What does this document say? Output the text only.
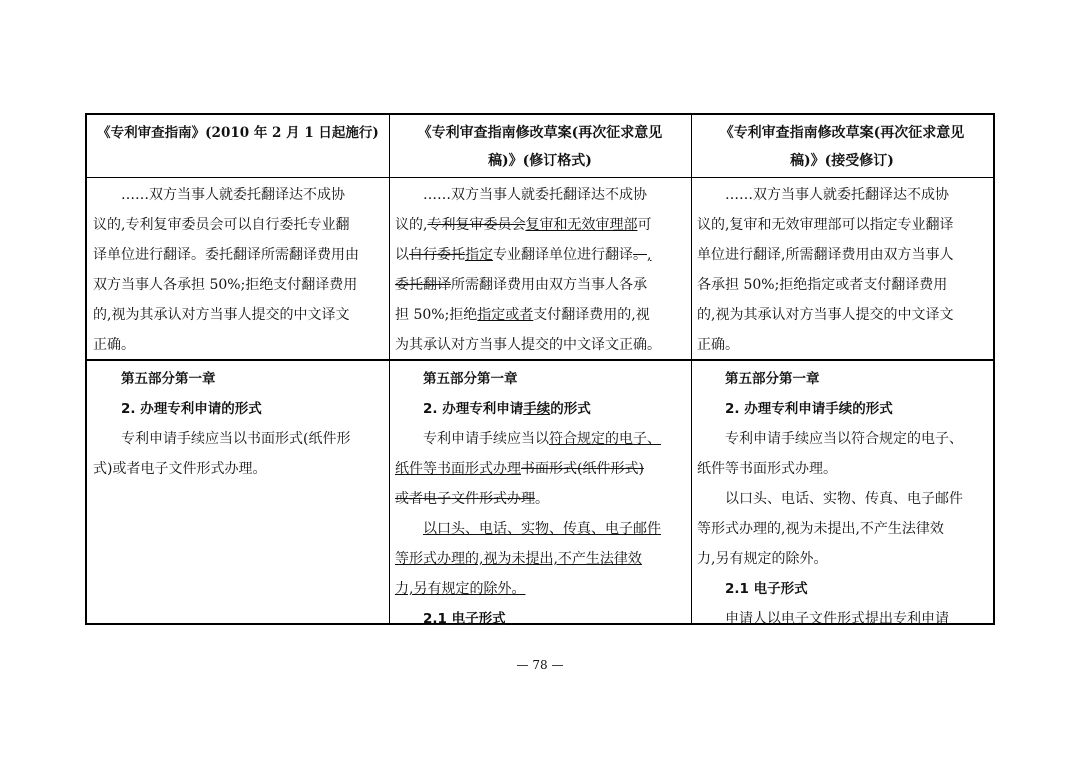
《专利审查指南》(2010 年 2 月 1 日起施行)
……双方当事人就委托翻译达不成协
议的,专利复审委员会可以自行委托专业翻
译单位进行翻译。委托翻译所需翻译费用由
双方当事人各承担 50%;拒绝支付翻译费用
的,视为其承认对方当事人提交的中文译文
正确。
第五部分第一章
2. 办理专利申请的形式
专利申请手续应当以书面形式(纸件形
式)或者电子文件形式办理。
《专利审查指南修改草案(再次征求意见
稿)》(修订格式)
……双方当事人就委托翻译达不成协
议的,专利复审委员会复审和无效审理部可
以自行委托指定专业翻译单位进行翻译。,
委托翻译所需翻译费用由双方当事人各承
担 50%;拒绝指定或者支付翻译费用的,视
为其承认对方当事人提交的中文译文正确。
第五部分第一章
2. 办理专利申请手续的形式
专利申请手续应当以符合规定的电子、
纸件等书面形式办理书面形式(纸件形式)
或者电子文件形式办理。
以口头、电话、实物、传真、电子邮件
等形式办理的,视为未提出,不产生法律效
力,另有规定的除外。
2.1 电子形式
《专利审查指南修改草案(再次征求意见
稿)》(接受修订)
……双方当事人就委托翻译达不成协
议的,复审和无效审理部可以指定专业翻译
单位进行翻译,所需翻译费用由双方当事人
各承担 50%;拒绝指定或者支付翻译费用
的,视为其承认对方当事人提交的中文译文
正确。
第五部分第一章
2. 办理专利申请手续的形式
专利申请手续应当以符合规定的电子、
纸件等书面形式办理。
以口头、电话、实物、传真、电子邮件
等形式办理的,视为未提出,不产生法律效
力,另有规定的除外。
2.1 电子形式
申请人以电子文件形式提出专利申请
— 78 —
